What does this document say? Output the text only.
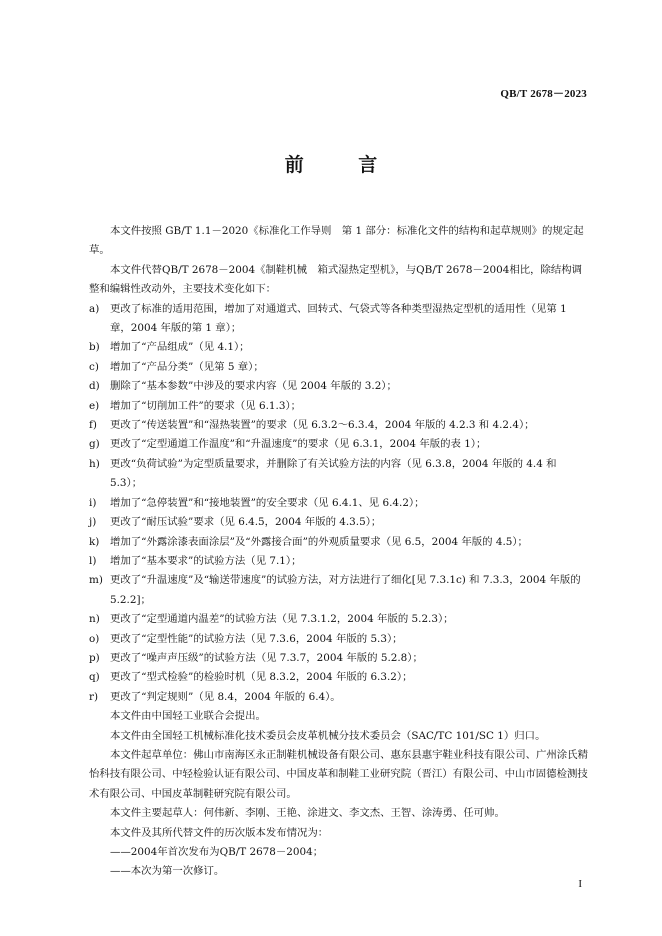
QB/T 2678－2023
前 言

本文件按照 GB/T 1.1－2020《标准化工作导则　第 1 部分：标准化文件的结构和起草规则》的规定起草。

本文件代替QB/T 2678－2004《制鞋机械　箱式湿热定型机》，与QB/T 2678－2004相比，除结构调整和编辑性改动外，主要技术变化如下：

a) 更改了标准的适用范围，增加了对通道式、回转式、气袋式等各种类型湿热定型机的适用性（见第 1 章，2004 年版的第 1 章）；
b) 增加了“产品组成”（见 4.1）；
c) 增加了“产品分类”（见第 5 章）；
d) 删除了“基本参数”中涉及的要求内容（见 2004 年版的 3.2）；
e) 增加了“切削加工件”的要求（见 6.1.3）；
f) 更改了“传送装置”和“湿热装置”的要求（见 6.3.2～6.3.4，2004 年版的 4.2.3 和 4.2.4）；
g) 更改了“定型通道工作温度”和“升温速度”的要求（见 6.3.1，2004 年版的表 1）；
h) 更改“负荷试验”为定型质量要求，并删除了有关试验方法的内容（见 6.3.8，2004 年版的 4.4 和 5.3）；
i) 增加了“急停装置”和“接地装置”的安全要求（见 6.4.1、见 6.4.2）；
j) 更改了“耐压试验”要求（见 6.4.5，2004 年版的 4.3.5）；
k) 增加了“外露涂漆表面涂层”及“外露接合面”的外观质量要求（见 6.5，2004 年版的 4.5）；
l) 增加了“基本要求”的试验方法（见 7.1）；
m) 更改了“升温速度”及“输送带速度”的试验方法，对方法进行了细化[见 7.3.1c) 和 7.3.3，2004 年版的 5.2.2]；
n) 更改了“定型通道内温差”的试验方法（见 7.3.1.2，2004 年版的 5.2.3）；
o) 更改了“定型性能”的试验方法（见 7.3.6，2004 年版的 5.3）；
p) 更改了“噪声声压级”的试验方法（见 7.3.7，2004 年版的 5.2.8）；
q) 更改了“型式检验”的检验时机（见 8.3.2，2004 年版的 6.3.2）；
r) 更改了“判定规则”（见 8.4，2004 年版的 6.4）。

本文件由中国轻工业联合会提出。

本文件由全国轻工机械标准化技术委员会皮革机械分技术委员会（SAC/TC 101/SC 1）归口。

本文件起草单位：佛山市南海区永正制鞋机械设备有限公司、惠东县惠宇鞋业科技有限公司、广州涂氏精怡科技有限公司、中轻检验认证有限公司、中国皮革和制鞋工业研究院（晋江）有限公司、中山市固德检测技术有限公司、中国皮革制鞋研究院有限公司。

本文件主要起草人：何伟新、李刚、王艳、涂进文、李文杰、王智、涂涛勇、任可帅。

本文件及其所代替文件的历次版本发布情况为：

——2004年首次发布为QB/T 2678－2004；

——本次为第一次修订。

I
